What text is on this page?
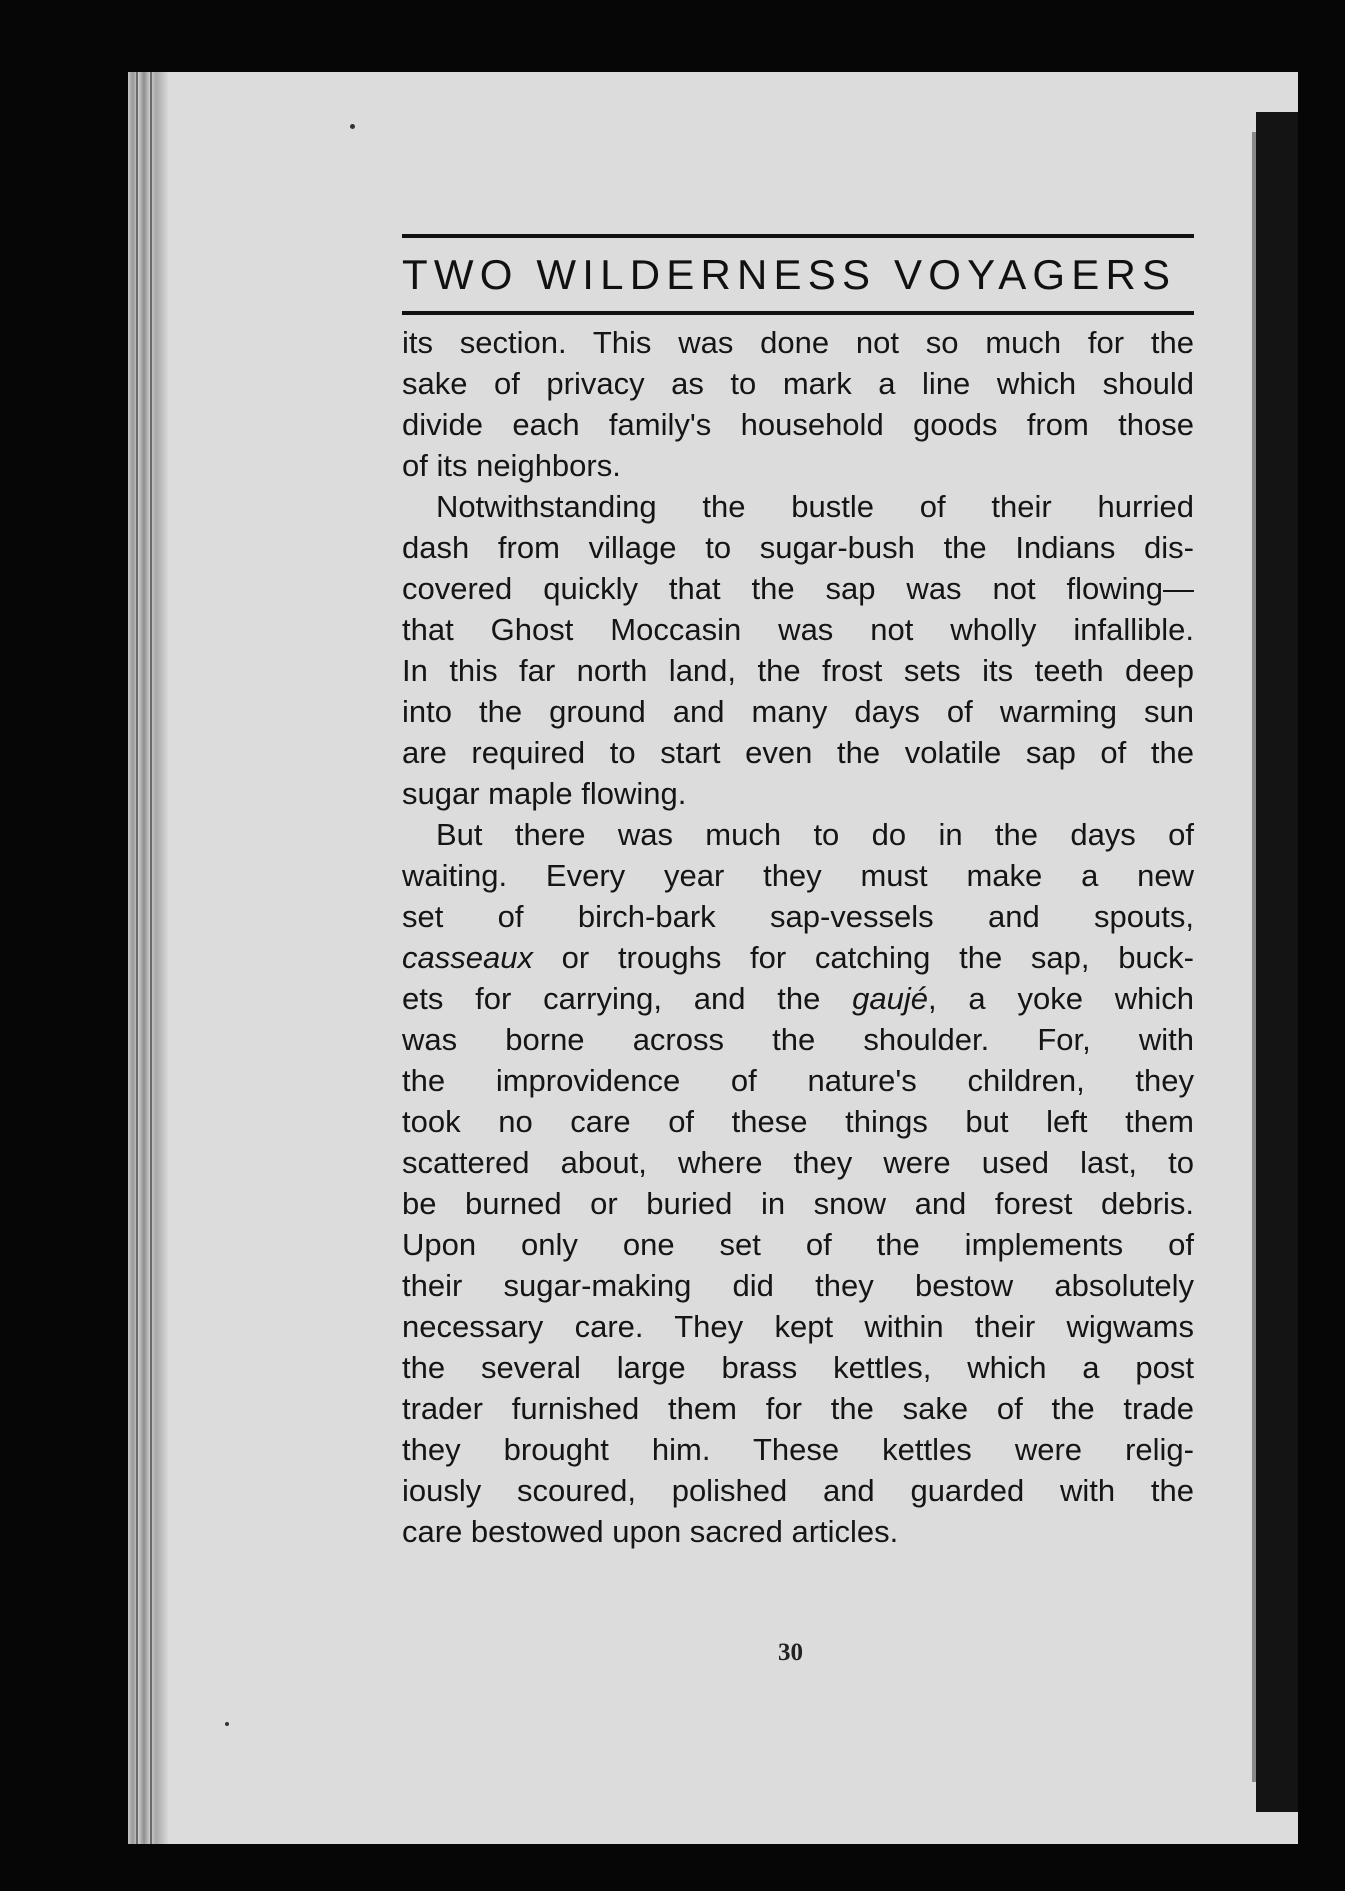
TWO WILDERNESS VOYAGERS
its section. This was done not so much for the
sake of privacy as to mark a line which should
divide each family's household goods from those
of its neighbors.
Notwithstanding the bustle of their hurried
dash from village to sugar-bush the Indians dis-
covered quickly that the sap was not flowing—
that Ghost Moccasin was not wholly infallible.
In this far north land, the frost sets its teeth deep
into the ground and many days of warming sun
are required to start even the volatile sap of the
sugar maple flowing.
But there was much to do in the days of
waiting. Every year they must make a new
set of birch-bark sap-vessels and spouts,
casseaux or troughs for catching the sap, buck-
ets for carrying, and the gaujé, a yoke which
was borne across the shoulder. For, with
the improvidence of nature's children, they
took no care of these things but left them
scattered about, where they were used last, to
be burned or buried in snow and forest debris.
Upon only one set of the implements of
their sugar-making did they bestow absolutely
necessary care. They kept within their wigwams
the several large brass kettles, which a post
trader furnished them for the sake of the trade
they brought him. These kettles were relig-
iously scoured, polished and guarded with the
care bestowed upon sacred articles.
30
